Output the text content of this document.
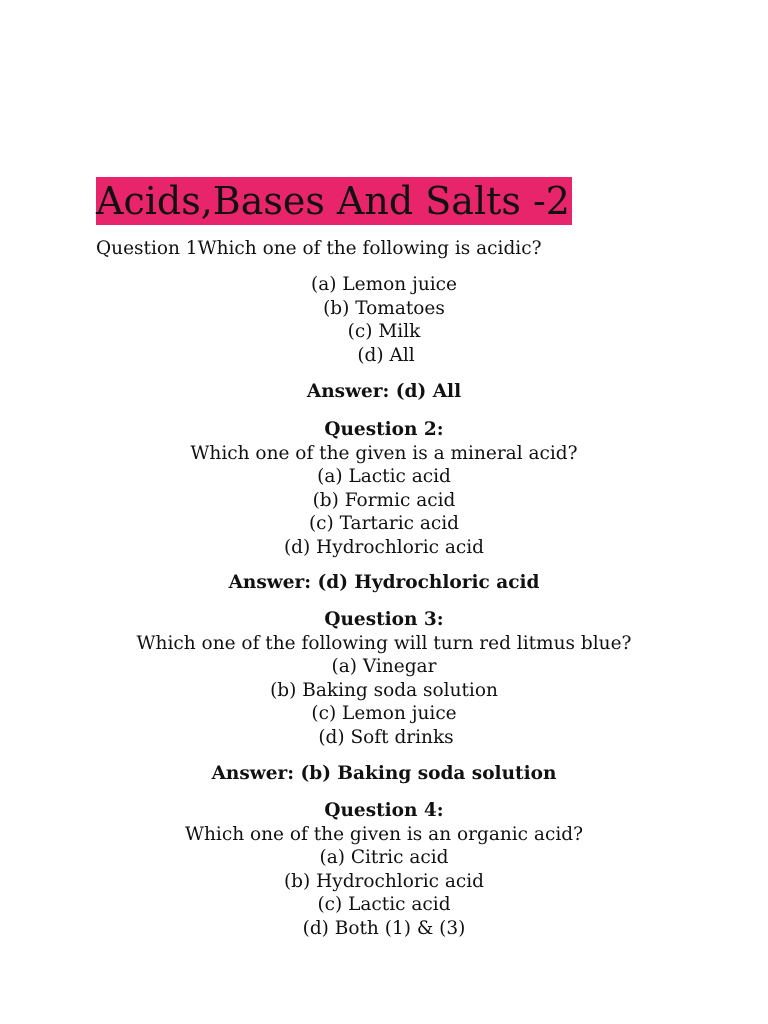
Acids,Bases And Salts -2
Question 1Which one of the following is acidic?
(a) Lemon juice
(b) Tomatoes
(c) Milk
(d) All
Answer: (d) All
Question 2:
Which one of the given is a mineral acid?
(a) Lactic acid
(b) Formic acid
(c) Tartaric acid
(d) Hydrochloric acid
Answer: (d) Hydrochloric acid
Question 3:
Which one of the following will turn red litmus blue?
(a) Vinegar
(b) Baking soda solution
(c) Lemon juice
(d) Soft drinks
Answer: (b) Baking soda solution
Question 4:
Which one of the given is an organic acid?
(a) Citric acid
(b) Hydrochloric acid
(c) Lactic acid
(d) Both (1) & (3)
